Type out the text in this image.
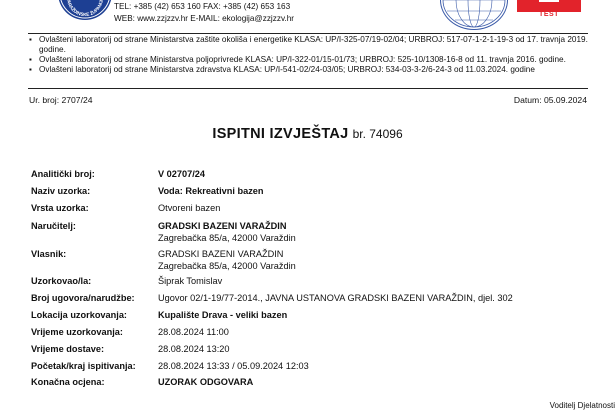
ARAŽDINSKE ŽUPANIJ
TEL: +385 (42) 653 160 FAX: +385 (42) 653 163
WEB: www.zzjzzv.hr E-MAIL: ekologija@zzjzzv.hr	TEST
▪ Ovlašteni laboratorij od strane Ministarstva zaštite okoliša i energetike KLASA: UP/I-325-07/19-02/04; URBROJ: 517-07-1-2-1-19-3 od 17. travnja 2019. godine.
▪ Ovlašteni laboratorij od strane Ministarstva poljoprivrede KLASA: UP/I-322-01/15-01/73; URBROJ: 525-10/1308-16-8 od 11. travnja 2016. godine.
▪ Ovlašteni laboratorij od strane Ministarstva zdravstva KLASA: UP/I-541-02/24-03/05; URBROJ: 534-03-3-2/6-24-3 od 11.03.2024. godine
Ur. broj: 2707/24	Datum: 05.09.2024
ISPITNI IZVJEŠTAJ br. 74096
Analitički broj:	V 02707/24
Naziv uzorka:	Voda: Rekreativni bazen
Vrsta uzorka:	Otvoreni bazen
Naručitelj:	GRADSKI BAZENI VARAŽDIN
Zagrebačka 85/a, 42000 Varaždin
Vlasnik:	GRADSKI BAZENI VARAŽDIN
Zagrebačka 85/a, 42000 Varaždin
Uzorkovao/la:	Šiprak Tomislav
Broj ugovora/narudžbe:	Ugovor 02/1-19/77-2014., JAVNA USTANOVA GRADSKI BAZENI VARAŽDIN, djel. 302
Lokacija uzorkovanja:	Kupalište Drava - veliki bazen
Vrijeme uzorkovanja:	28.08.2024 11:00
Vrijeme dostave:	28.08.2024 13:20
Početak/kraj ispitivanja: 28.08.2024 13:33 / 05.09.2024 12:03
Konačna ocjena:	UZORAK ODGOVARA
Voditelj Djelatnosti
